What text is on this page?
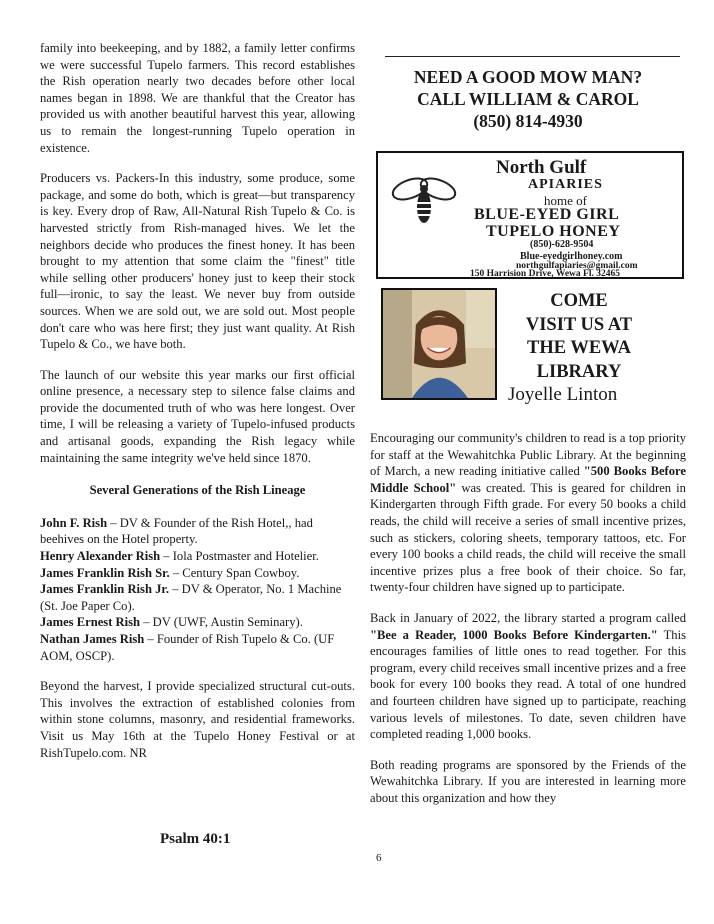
family into beekeeping, and by 1882, a family letter confirms we were successful Tupelo farmers. This record establishes the Rish operation nearly two decades before other local names began in 1898. We are thankful that the Creator has provided us with another beautiful harvest this year, allowing us to remain the longest-running Tupelo operation in existence.

Producers vs. Packers-In this industry, some produce, some package, and some do both, which is great—but transparency is key. Every drop of Raw, All-Natural Rish Tupelo & Co. is harvested strictly from Rish-managed hives. We let the neighbors decide who produces the finest honey. It has been brought to my attention that some claim the "finest" title while selling other producers' honey just to keep their stock full—ironic, to say the least. We never buy from outside sources. When we are sold out, we are sold out. Most people don't care who was here first; they just want quality. At Rish Tupelo & Co., we have both.

The launch of our website this year marks our first official online presence, a necessary step to silence false claims and provide the documented truth of who was here longest. Over time, I will be releasing a variety of Tupelo-infused products and artisanal goods, expanding the Rish legacy while maintaining the same integrity we've held since 1870.

Several Generations of the Rish Lineage

John F. Rish – DV & Founder of the Rish Hotel,, had beehives on the Hotel property.

Henry Alexander Rish – Iola Postmaster and Hotelier.

James Franklin Rish Sr. – Century Span Cowboy.

James Franklin Rish Jr. – DV & Operator, No. 1 Machine (St. Joe Paper Co).

James Ernest Rish – DV (UWF, Austin Seminary).

Nathan James Rish – Founder of Rish Tupelo & Co. (UF AOM, OSCP).

Beyond the harvest, I provide specialized structural cut-outs. This involves the extraction of established colonies from within stone columns, masonry, and residential frameworks. Visit us May 16th at the Tupelo Honey Festival or at RishTupelo.com. NR

Psalm 40:1
NEED A GOOD MOW MAN?
CALL WILLIAM & CAROL
(850) 814-4930
North Gulf
APIARIES
home of
BLUE-EYED GIRL
TUPELO HONEY
(850)-628-9504
Blue-eyedgirlhoney.com
northgulfapiaries@gmail.com
150 Harrision Drive, Wewa Fl. 32465
COME
VISIT US AT
THE WEWA
LIBRARY
Joyelle Linton

Encouraging our community's children to read is a top priority for staff at the Wewahitchka Public Library. At the beginning of March, a new reading initiative called "500 Books Before Middle School" was created. This is geared for children in Kindergarten through Fifth grade. For every 50 books a child reads, the child will receive a series of small incentive prizes, such as stickers, coloring sheets, temporary tattoos, etc. For every 100 books a child reads, the child will receive the small incentive prizes plus a free book of their choice. So far, twenty-four children have signed up to participate.

Back in January of 2022, the library started a program called "Bee a Reader, 1000 Books Before Kindergarten." This encourages families of little ones to read together. For this program, every child receives small incentive prizes and a free book for every 100 books they read. A total of one hundred and fourteen children have signed up to participate, reaching various levels of milestones. To date, seven children have completed reading 1,000 books.

Both reading programs are sponsored by the Friends of the Wewahitchka Library. If you are interested in learning more about this organization and how they

6
